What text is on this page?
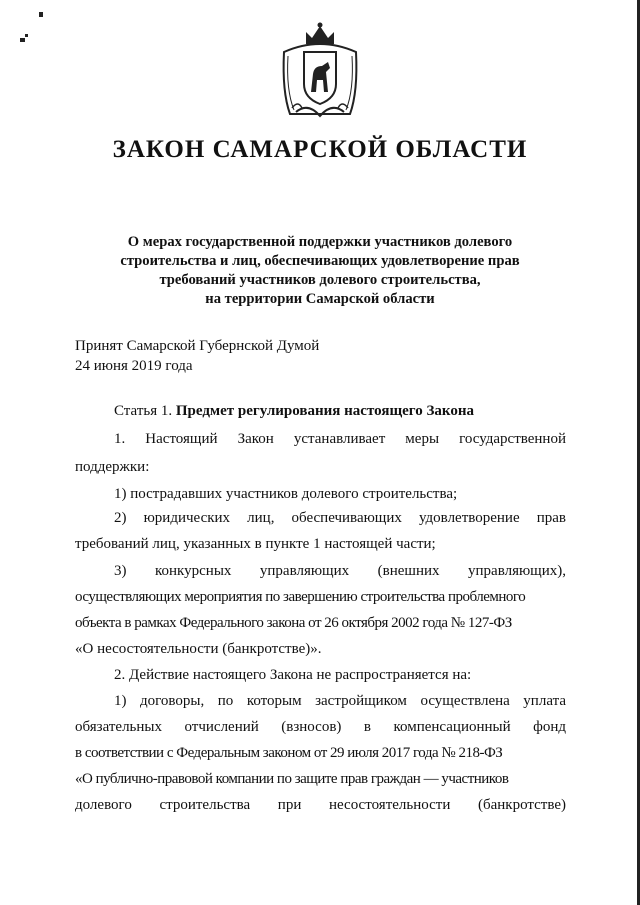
ЗАКОН САМАРСКОЙ ОБЛАСТИ
О мерах государственной поддержки участников долевого
строительства и лиц, обеспечивающих удовлетворение прав
требований участников долевого строительства,
на территории Самарской области
Принят Самарской Губернской Думой
24 июня 2019 года
Статья 1. Предмет регулирования настоящего Закона
1. Настоящий Закон устанавливает меры государственной
поддержки:
1) пострадавших участников долевого строительства;
2) юридических лиц, обеспечивающих удовлетворение прав
требований лиц, указанных в пункте 1 настоящей части;
3) конкурсных управляющих (внешних управляющих),
осуществляющих мероприятия по завершению строительства проблемного
объекта в рамках Федерального закона от 26 октября 2002 года № 127-ФЗ
«О несостоятельности (банкротстве)».
2. Действие настоящего Закона не распространяется на:
1) договоры, по которым застройщиком осуществлена уплата
обязательных отчислений (взносов) в компенсационный фонд
в соответствии с Федеральным законом от 29 июля 2017 года № 218-ФЗ
«О публично-правовой компании по защите прав граждан — участников
долевого строительства при несостоятельности (банкротстве)
